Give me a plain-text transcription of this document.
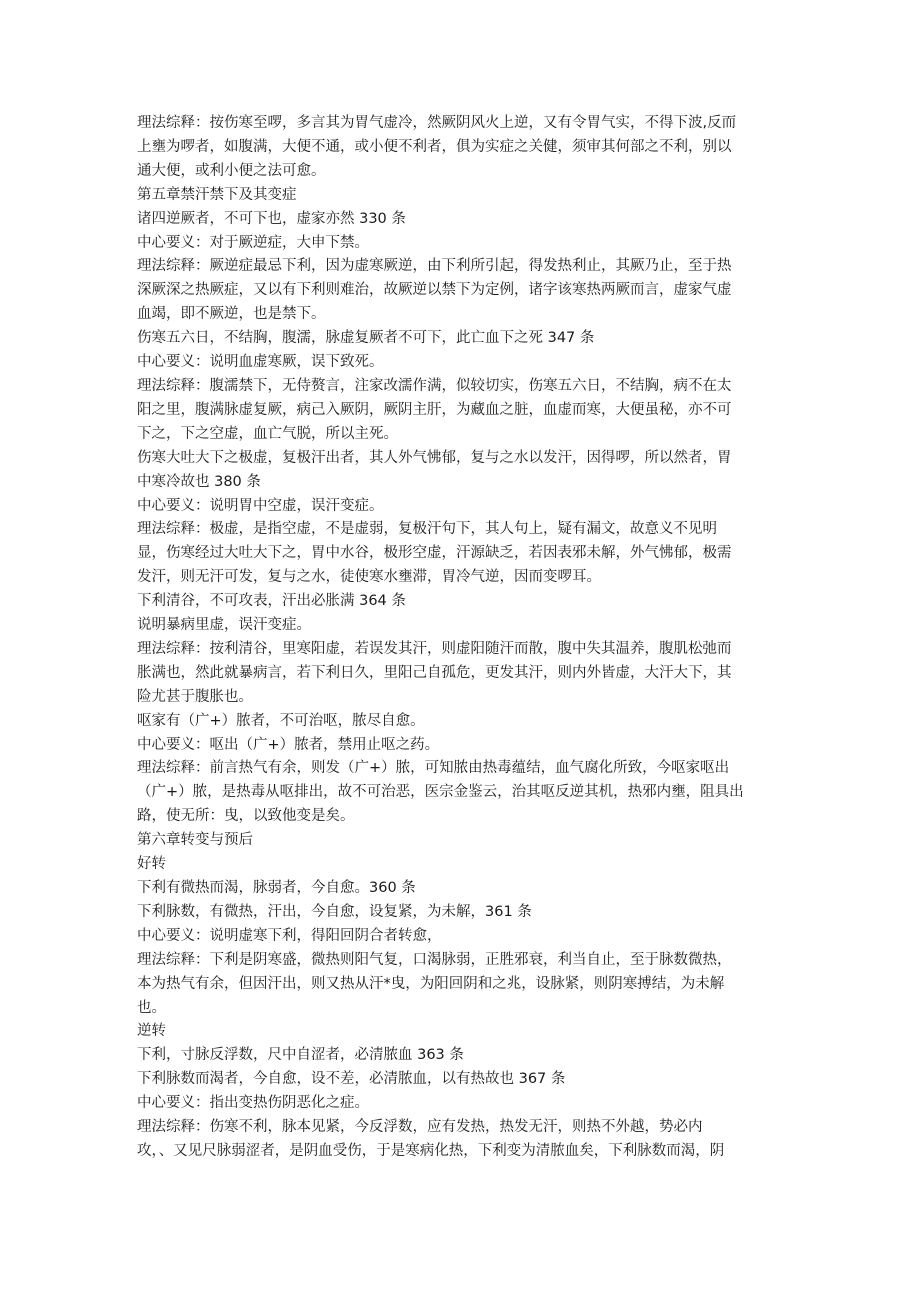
理法综释：按伤寒至啰，多言其为胃气虚冷，然厥阴风火上逆，又有令胃气实，不得下波,反而

上壅为啰者，如腹满，大便不通，或小便不利者，俱为实症之关健，须审其何部之不利，别以

通大便，或利小便之法可愈。

第五章禁汗禁下及其变症

诸四逆厥者，不可下也，虚家亦然 330 条

中心要义：对于厥逆症，大申下禁。

理法综释：厥逆症最忌下利，因为虚寒厥逆，由下利所引起，得发热利止，其厥乃止，至于热

深厥深之热厥症，又以有下利则难治，故厥逆以禁下为定例，诸字该寒热两厥而言，虚家气虚

血竭，即不厥逆，也是禁下。

伤寒五六日，不结胸，腹濡，脉虚复厥者不可下，此亡血下之死 347 条

中心要义：说明血虚寒厥，误下致死。

理法综释：腹濡禁下，无侍赘言，注家改濡作满，似较切实，伤寒五六日，不结胸，病不在太

阳之里，腹满脉虚复厥，病己入厥阴，厥阴主肝，为藏血之脏，血虚而寒，大便虽秘，亦不可

下之，下之空虚，血亡气脱，所以主死。

伤寒大吐大下之极虚，复极汗出者，其人外气怫郁，复与之水以发汗，因得啰，所以然者，胃

中寒冷故也 380 条

中心要义：说明胃中空虚，误汗变症。

理法综释：极虚，是指空虚，不是虚弱，复极汗句下，其人句上，疑有漏文，故意义不见明

显，伤寒经过大吐大下之，胃中水谷，极形空虚，汗源缺乏，若因表邪未解，外气怫郁，极需

发汗，则无汗可发，复与之水，徒使寒水壅滞，胃冷气逆，因而变啰耳。

下利清谷，不可攻表，汗出必胀满 364 条

说明暴病里虚，误汗变症。

理法综释：按利清谷，里寒阳虚，若误发其汗，则虚阳随汗而散，腹中失其温养，腹肌松弛而

胀满也，然此就暴病言，若下利日久，里阳己自孤危，更发其汗，则内外皆虚，大汗大下，其

险尤甚于腹胀也。

呕家有（广+）脓者，不可治呕，脓尽自愈。

中心要义：呕出（广+）脓者，禁用止呕之药。

理法综释：前言热气有余，则发（广+）脓，可知脓由热毒蕴结，血气腐化所致，今呕家呕出

（广+）脓，是热毒从呕排出，故不可治恶，医宗金鉴云，治其呕反逆其机，热邪内壅，阻具出

路，使无所：曳，以致他变是矣。

第六章转变与预后

好转

下利有微热而渴，脉弱者，今自愈。360 条

下利脉数，有微热，汗出，今自愈，设复紧，为未解，361 条

中心要义：说明虚寒下利，得阳回阴合者转愈，

理法综释：下利是阴寒盛，微热则阳气复，口渴脉弱，正胜邪衰，利当自止，至于脉数微热，

本为热气有余，但因汗出，则又热从汗*曳，为阳回阴和之兆，设脉紧，则阴寒搏结，为未解

也。

逆转

下利，寸脉反浮数，尺中自涩者，必清脓血 363 条

下利脉数而渴者，今自愈，设不差，必清脓血，以有热故也 367 条

中心要义：指出变热伤阴恶化之症。

理法综释：伤寒不利，脉本见紧，今反浮数，应有发热，热发无汗，则热不外越，势必内

攻，、又见尺脉弱涩者，是阴血受伤，于是寒病化热，下利变为清脓血矣，下利脉数而渴，阴
